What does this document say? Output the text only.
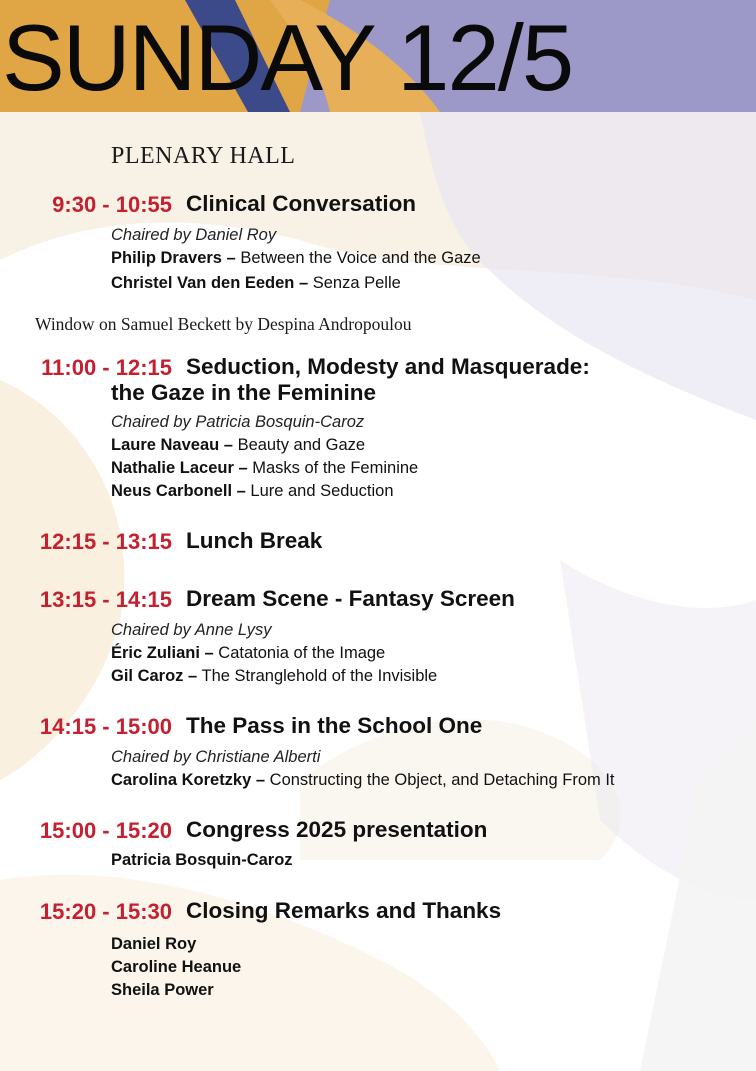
SUNDAY 12/5
PLENARY HALL
9:30 - 10:55 Clinical Conversation
Chaired by Daniel Roy
Philip Dravers – Between the Voice and the Gaze
Christel Van den Eeden – Senza Pelle
Window on Samuel Beckett by Despina Andropoulou
11:00 - 12:15 Seduction, Modesty and Masquerade:
the Gaze in the Feminine
Chaired by Patricia Bosquin-Caroz
Laure Naveau – Beauty and Gaze
Nathalie Laceur – Masks of the Feminine
Neus Carbonell – Lure and Seduction
12:15 - 13:15 Lunch Break
13:15 - 14:15 Dream Scene - Fantasy Screen
Chaired by Anne Lysy
Éric Zuliani – Catatonia of the Image
Gil Caroz – The Stranglehold of the Invisible
14:15 - 15:00 The Pass in the School One
Chaired by Christiane Alberti
Carolina Koretzky – Constructing the Object, and Detaching From It
15:00 - 15:20 Congress 2025 presentation
Patricia Bosquin-Caroz
15:20 - 15:30 Closing Remarks and Thanks
Daniel Roy
Caroline Heanue
Sheila Power
